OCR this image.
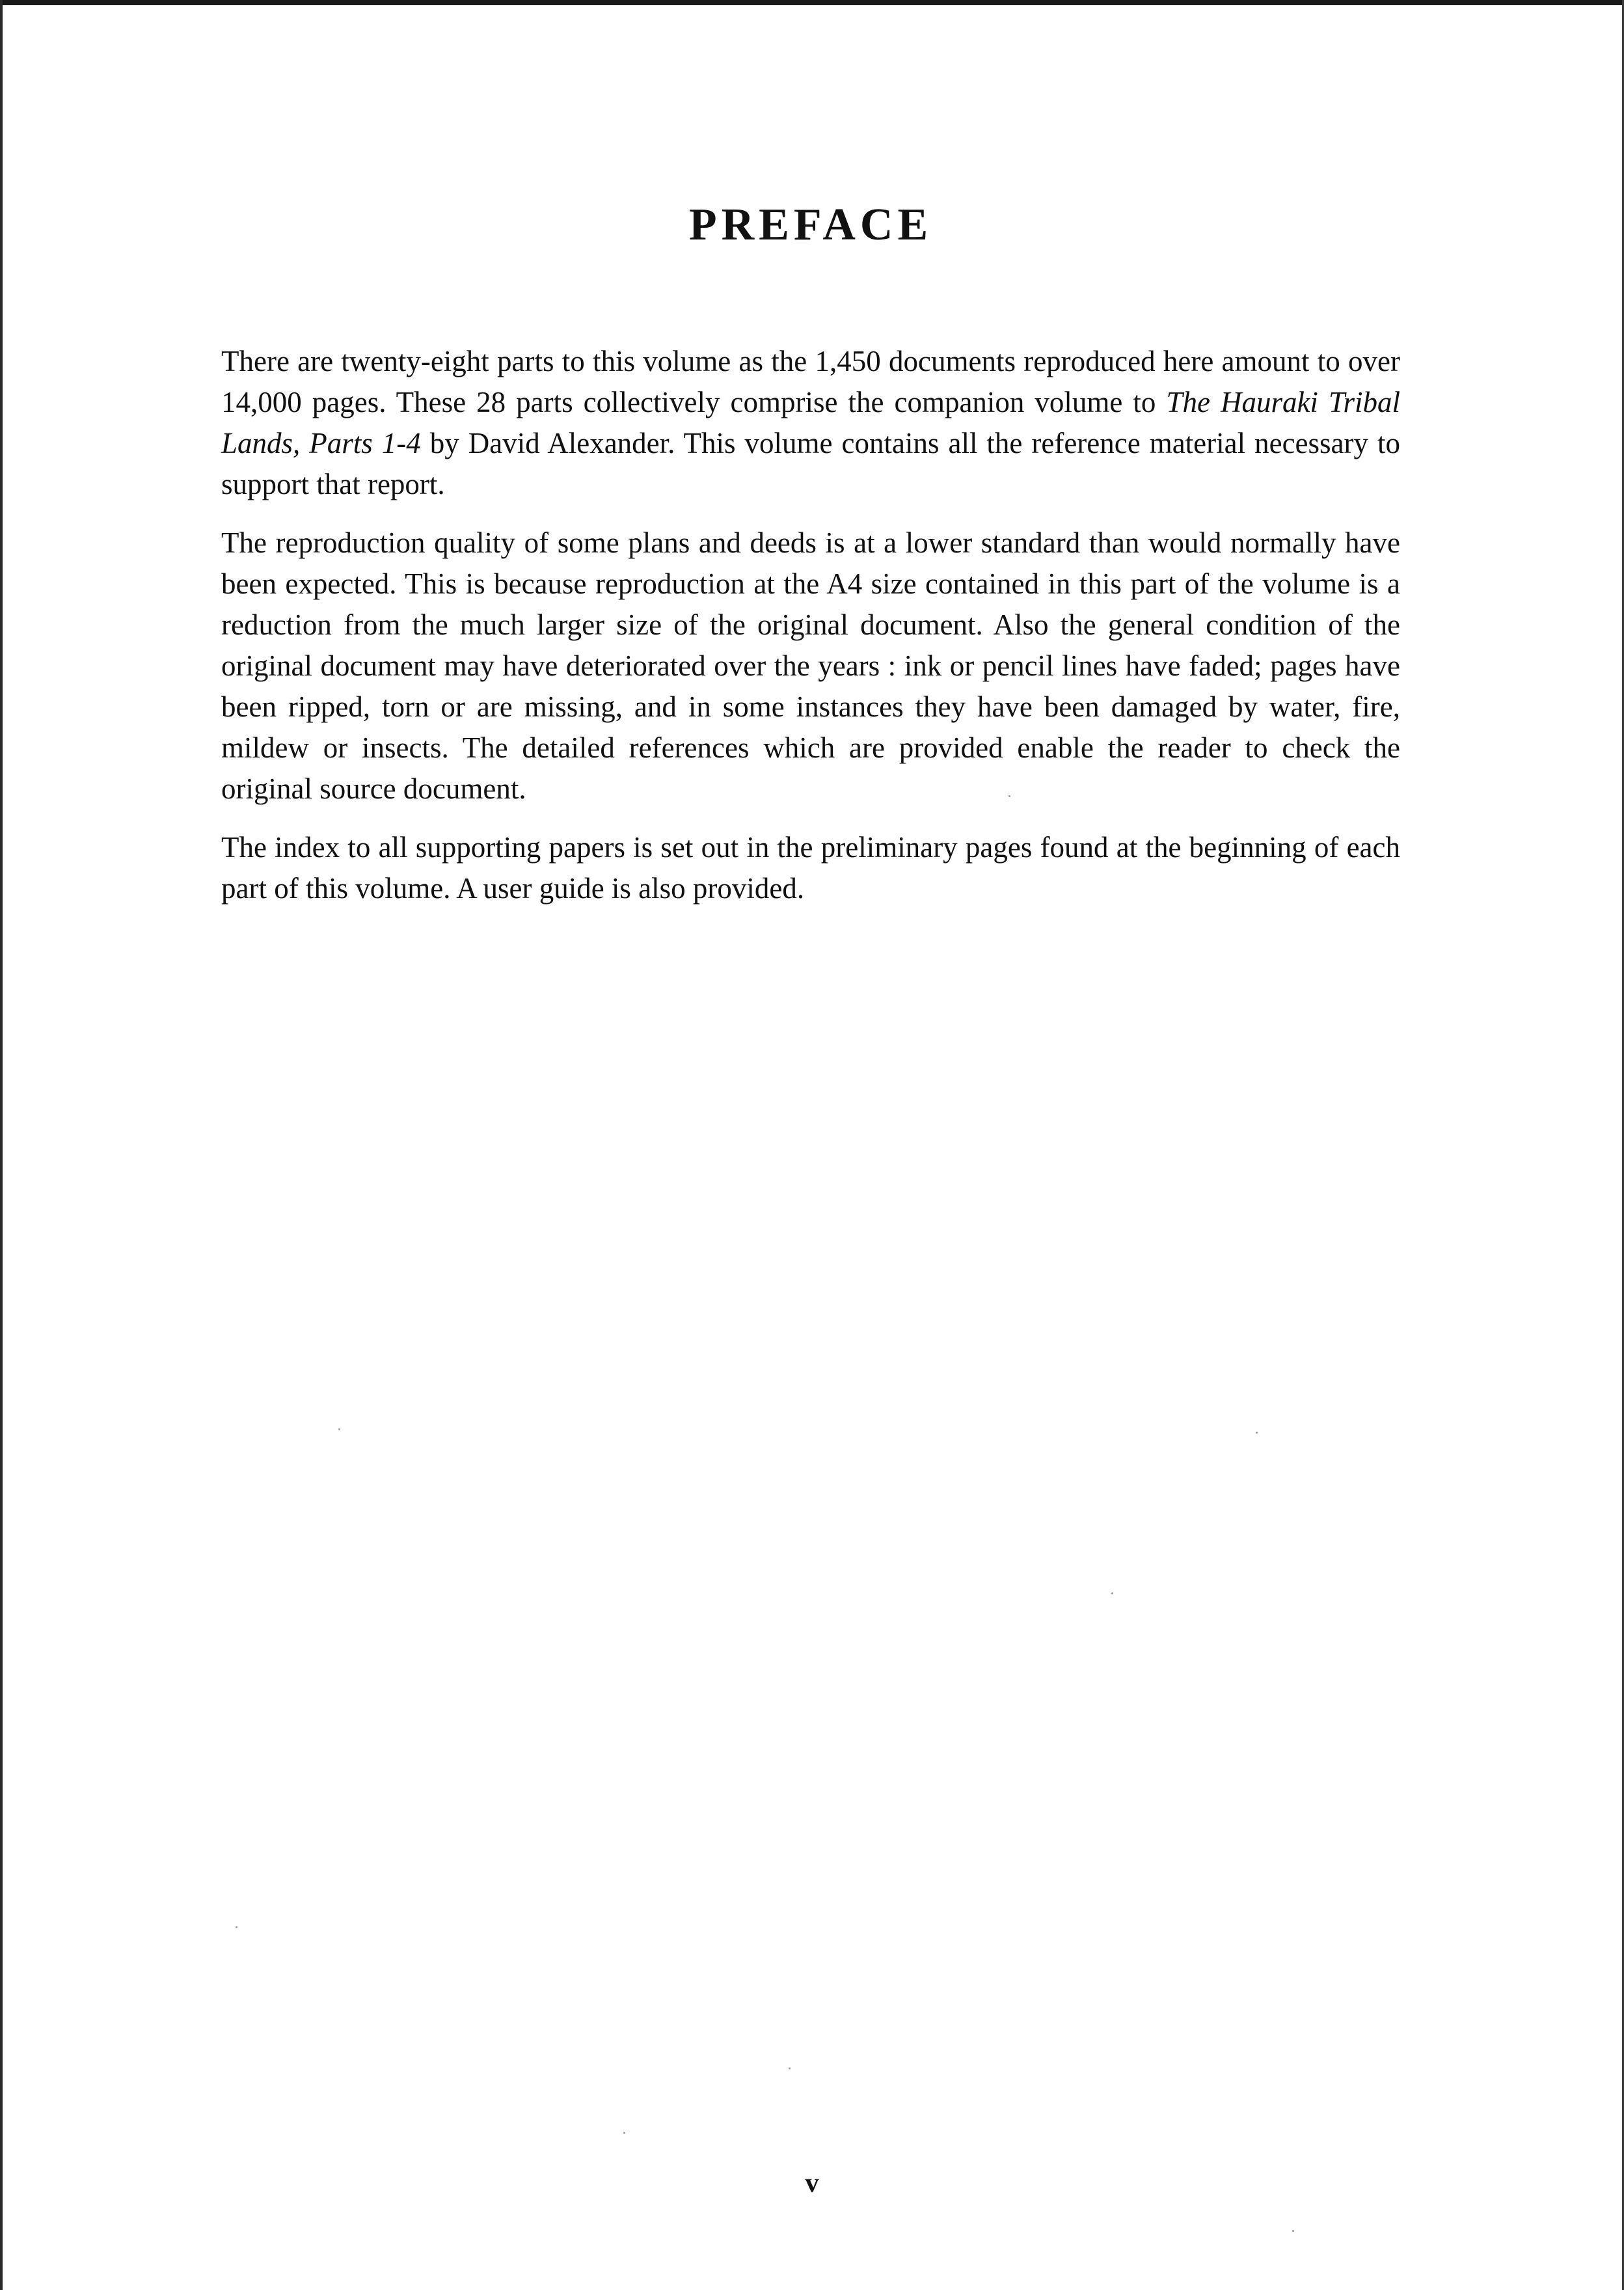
PREFACE

There are twenty-eight parts to this volume as the 1,450 documents reproduced here amount to over 14,000 pages. These 28 parts collectively comprise the companion volume to The Hauraki Tribal Lands, Parts 1-4 by David Alexander. This volume contains all the reference material necessary to support that report.

The reproduction quality of some plans and deeds is at a lower standard than would normally have been expected. This is because reproduction at the A4 size contained in this part of the volume is a reduction from the much larger size of the original document. Also the general condition of the original document may have deteriorated over the years : ink or pencil lines have faded; pages have been ripped, torn or are missing, and in some instances they have been damaged by water, fire, mildew or insects. The detailed references which are provided enable the reader to check the original source document.

The index to all supporting papers is set out in the preliminary pages found at the beginning of each part of this volume. A user guide is also provided.

v
